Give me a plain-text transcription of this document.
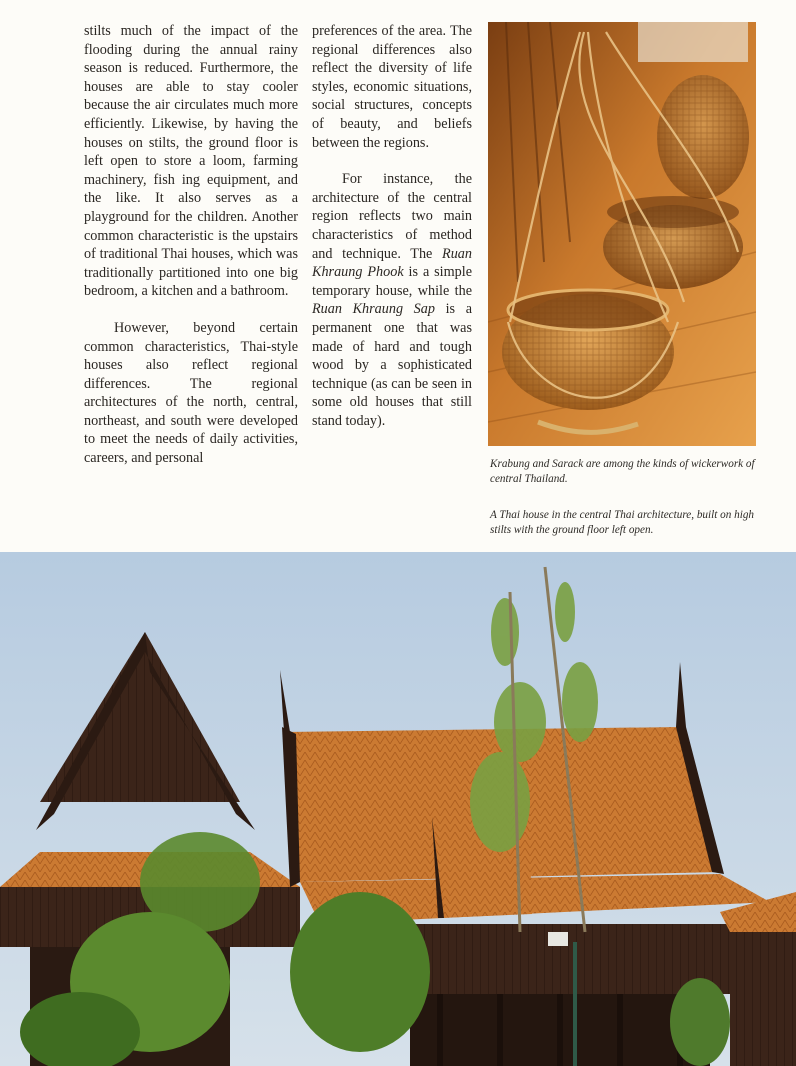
stilts much of the impact of the flooding during the annual rainy season is reduced. Furthermore, the houses are able to stay cooler because the air circulates much more efficiently. Likewise, by having the houses on stilts, the ground floor is left open to store a loom, farming machinery, fish ing equipment, and the like. It also serves as a playground for the children. Another common characteristic is the upstairs of traditional Thai houses, which was traditionally partitioned into one big bedroom, a kitchen and a bathroom.

However, beyond certain common characteristics, Thai-style houses also reflect regional differences. The regional architectures of the north, central, northeast, and south were developed to meet the needs of daily activities, careers, and personal

preferences of the area. The regional differences also reflect the diversity of life styles, economic situations, social structures, concepts of beauty, and beliefs between the regions.

For instance, the architecture of the central region reflects two main characteristics of method and technique. The Ruan Khraung Phook is a simple temporary house, while the Ruan Khraung Sap is a permanent one that was made of hard and tough wood by a sophisticated technique (as can be seen in some old houses that still stand today).

Krabung and Sarack are among the kinds of wickerwork of central Thailand.
A Thai house in the central Thai architecture, built on high stilts with the ground floor left open.
